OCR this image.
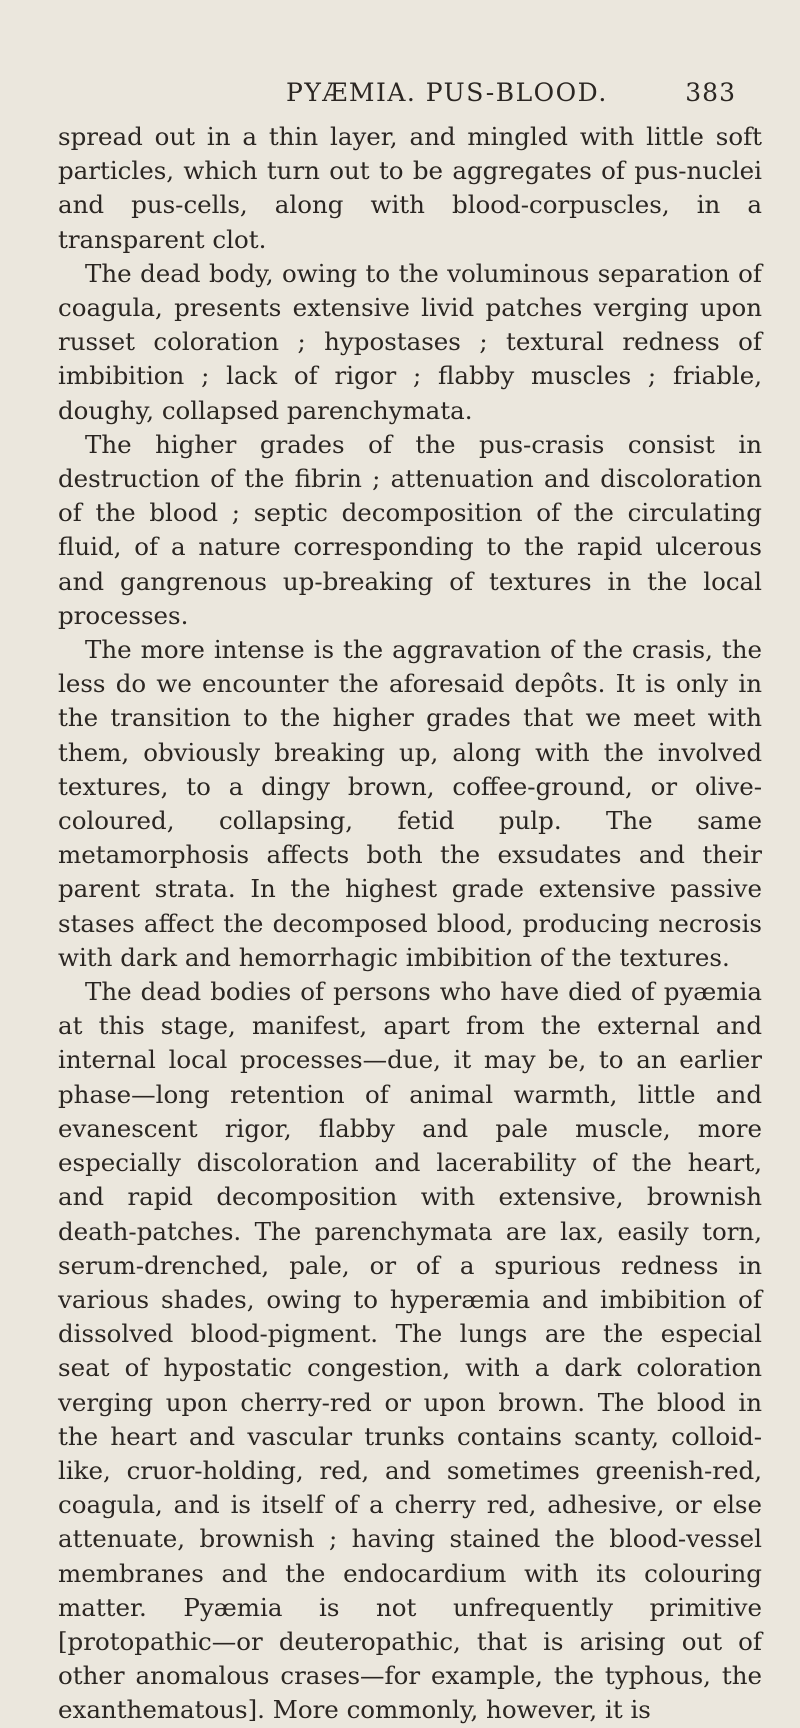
PYÆMIA. PUS-BLOOD.	383

spread out in a thin layer, and mingled with little soft particles, which turn out to be aggregates of pus-nuclei and pus-cells, along with blood-corpuscles, in a transparent clot.

The dead body, owing to the voluminous separation of coagula, presents extensive livid patches verging upon russet coloration ; hypostases ; textural redness of imbibition ; lack of rigor ; flabby muscles ; friable, doughy, collapsed parenchymata.

The higher grades of the pus-crasis consist in destruction of the fibrin ; attenuation and discoloration of the blood ; septic decomposition of the circulating fluid, of a nature corresponding to the rapid ulcerous and gangrenous up-breaking of textures in the local processes.

The more intense is the aggravation of the crasis, the less do we encounter the aforesaid depôts. It is only in the transition to the higher grades that we meet with them, obviously breaking up, along with the involved textures, to a dingy brown, coffee-ground, or olive-coloured, collapsing, fetid pulp. The same metamorphosis affects both the exsudates and their parent strata. In the highest grade extensive passive stases affect the decomposed blood, producing necrosis with dark and hemorrhagic imbibition of the textures.

The dead bodies of persons who have died of pyæmia at this stage, manifest, apart from the external and internal local processes—due, it may be, to an earlier phase—long retention of animal warmth, little and evanescent rigor, flabby and pale muscle, more especially discoloration and lacerability of the heart, and rapid decomposition with extensive, brownish death-patches. The parenchymata are lax, easily torn, serum-drenched, pale, or of a spurious redness in various shades, owing to hyperæmia and imbibition of dissolved blood-pigment. The lungs are the especial seat of hypostatic congestion, with a dark coloration verging upon cherry-red or upon brown. The blood in the heart and vascular trunks contains scanty, colloid-like, cruor-holding, red, and sometimes greenish-red, coagula, and is itself of a cherry red, adhesive, or else attenuate, brownish ; having stained the blood-vessel membranes and the endocardium with its colouring matter. Pyæmia is not unfrequently primitive [protopathic—or deuteropathic, that is arising out of other anomalous crases—for example, the typhous, the exanthematous]. More commonly, however, it is
